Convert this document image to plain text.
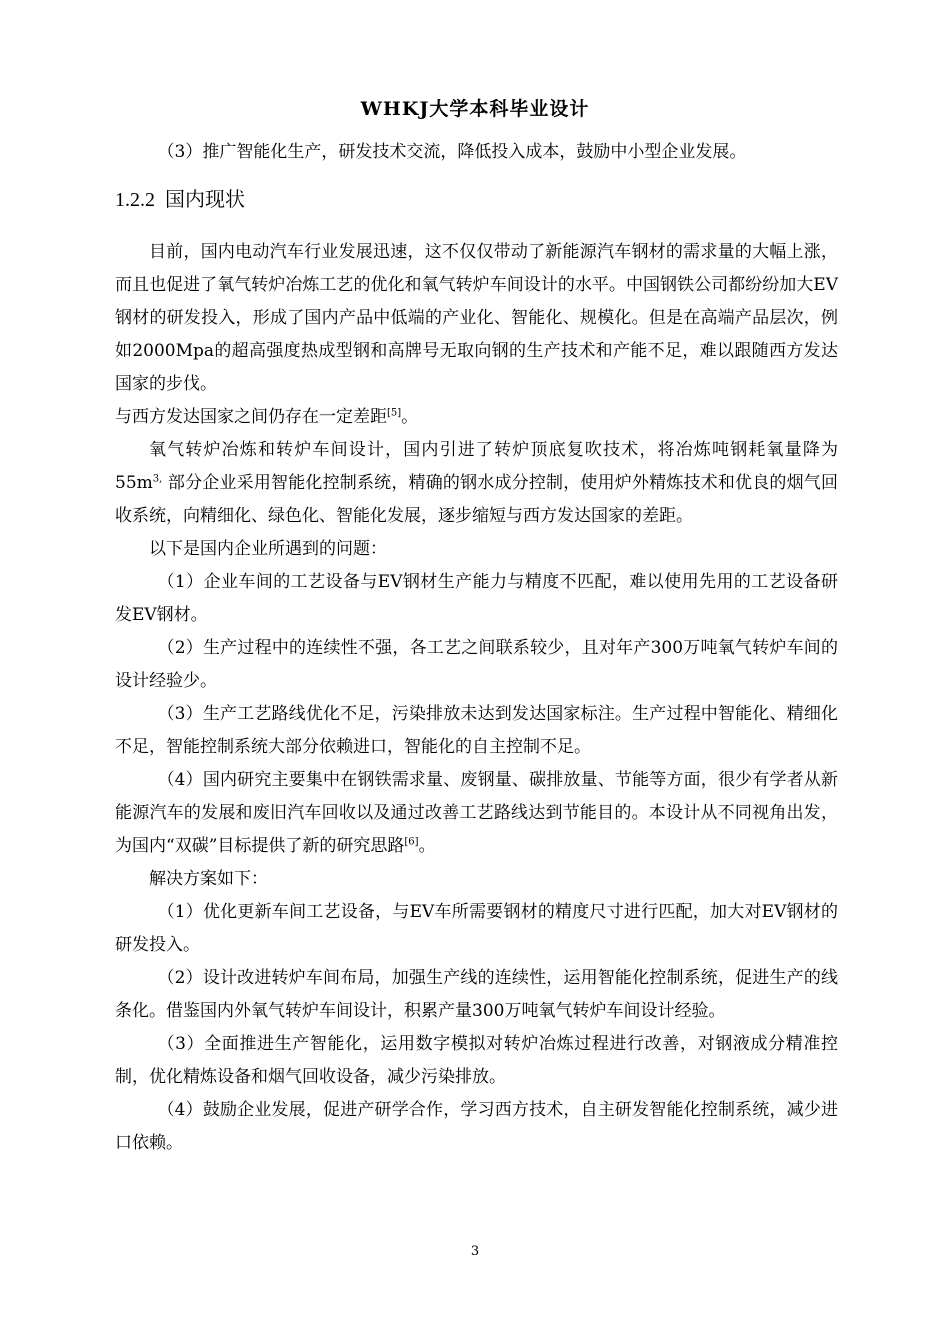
WHKJ大学本科毕业设计

（3）推广智能化生产，研发技术交流，降低投入成本，鼓励中小型企业发展。

1.2.2 国内现状

目前，国内电动汽车行业发展迅速，这不仅仅带动了新能源汽车钢材的需求量的大幅上涨，而且也促进了氧气转炉冶炼工艺的优化和氧气转炉车间设计的水平。中国钢铁公司都纷纷加大EV钢材的研发投入，形成了国内产品中低端的产业化、智能化、规模化。但是在高端产品层次，例如2000Mpa的超高强度热成型钢和高牌号无取向钢的生产技术和产能不足，难以跟随西方发达国家的步伐。

与西方发达国家之间仍存在一定差距[5]。

氧气转炉冶炼和转炉车间设计，国内引进了转炉顶底复吹技术，将冶炼吨钢耗氧量降为$55m^{3,}$ 部分企业采用智能化控制系统，精确的钢水成分控制，使用炉外精炼技术和优良的烟气回收系统，向精细化、绿色化、智能化发展，逐步缩短与西方发达国家的差距。

以下是国内企业所遇到的问题：

（1）企业车间的工艺设备与EV钢材生产能力与精度不匹配，难以使用先用的工艺设备研发EV钢材。

（2）生产过程中的连续性不强，各工艺之间联系较少，且对年产300万吨氧气转炉车间的设计经验少。

（3）生产工艺路线优化不足，污染排放未达到发达国家标注。生产过程中智能化、精细化不足，智能控制系统大部分依赖进口，智能化的自主控制不足。

（4）国内研究主要集中在钢铁需求量、废钢量、碳排放量、节能等方面，很少有学者从新能源汽车的发展和废旧汽车回收以及通过改善工艺路线达到节能目的。本设计从不同视角出发，为国内“双碳”目标提供了新的研究思路[6]。

解决方案如下：

（1）优化更新车间工艺设备，与EV车所需要钢材的精度尺寸进行匹配，加大对EV钢材的研发投入。

（2）设计改进转炉车间布局，加强生产线的连续性，运用智能化控制系统，促进生产的线条化。借鉴国内外氧气转炉车间设计，积累产量300万吨氧气转炉车间设计经验。

（3）全面推进生产智能化，运用数字模拟对转炉冶炼过程进行改善，对钢液成分精准控制，优化精炼设备和烟气回收设备，减少污染排放。

（4）鼓励企业发展，促进产研学合作，学习西方技术，自主研发智能化控制系统，减少进口依赖。

3
